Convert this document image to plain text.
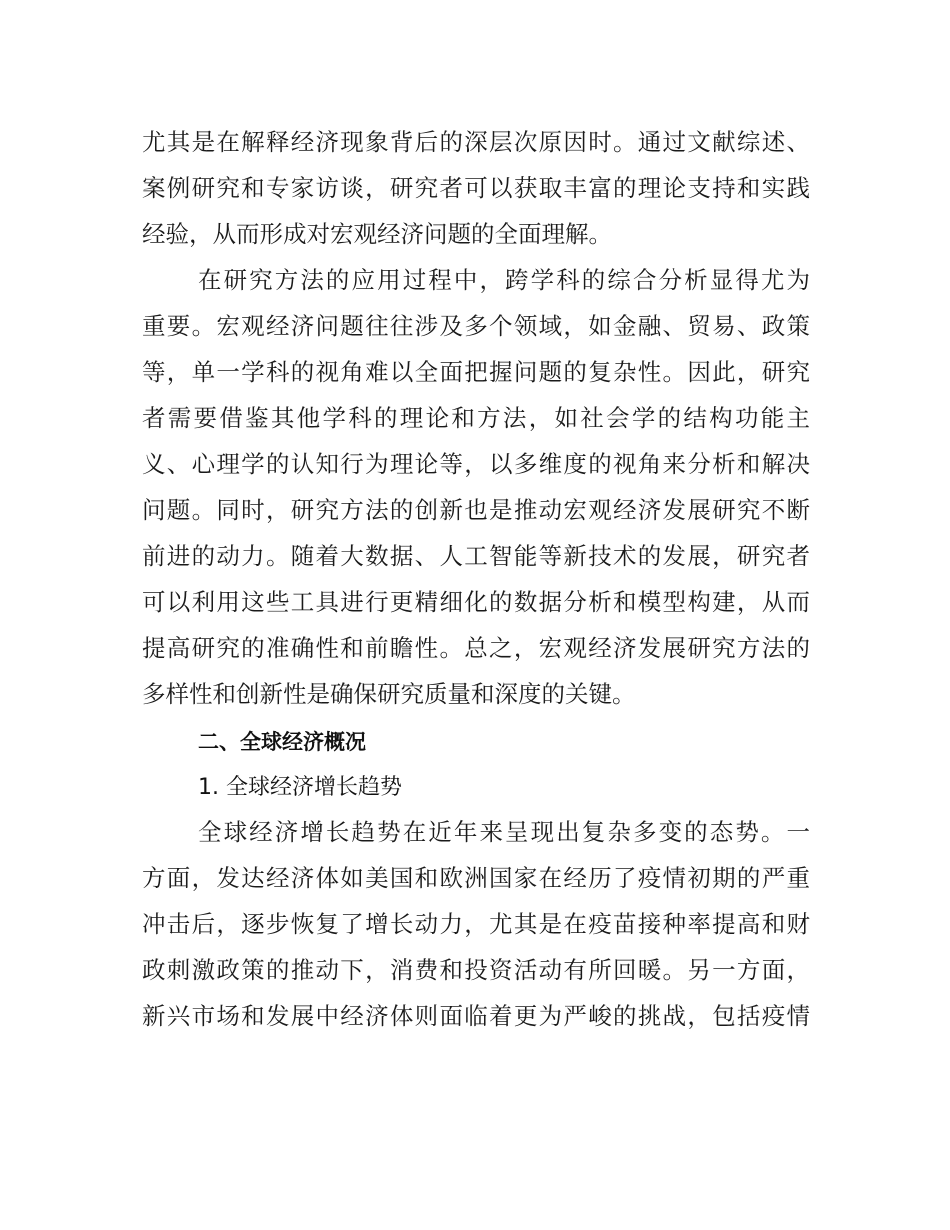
尤其是在解释经济现象背后的深层次原因时。通过文献综述、
案例研究和专家访谈，研究者可以获取丰富的理论支持和实践
经验，从而形成对宏观经济问题的全面理解。
在研究方法的应用过程中，跨学科的综合分析显得尤为
重要。宏观经济问题往往涉及多个领域，如金融、贸易、政策
等，单一学科的视角难以全面把握问题的复杂性。因此，研究
者需要借鉴其他学科的理论和方法，如社会学的结构功能主
义、心理学的认知行为理论等，以多维度的视角来分析和解决
问题。同时，研究方法的创新也是推动宏观经济发展研究不断
前进的动力。随着大数据、人工智能等新技术的发展，研究者
可以利用这些工具进行更精细化的数据分析和模型构建，从而
提高研究的准确性和前瞻性。总之，宏观经济发展研究方法的
多样性和创新性是确保研究质量和深度的关键。
二、全球经济概况
1. 全球经济增长趋势
全球经济增长趋势在近年来呈现出复杂多变的态势。一
方面，发达经济体如美国和欧洲国家在经历了疫情初期的严重
冲击后，逐步恢复了增长动力，尤其是在疫苗接种率提高和财
政刺激政策的推动下，消费和投资活动有所回暖。另一方面，
新兴市场和发展中经济体则面临着更为严峻的挑战，包括疫情
